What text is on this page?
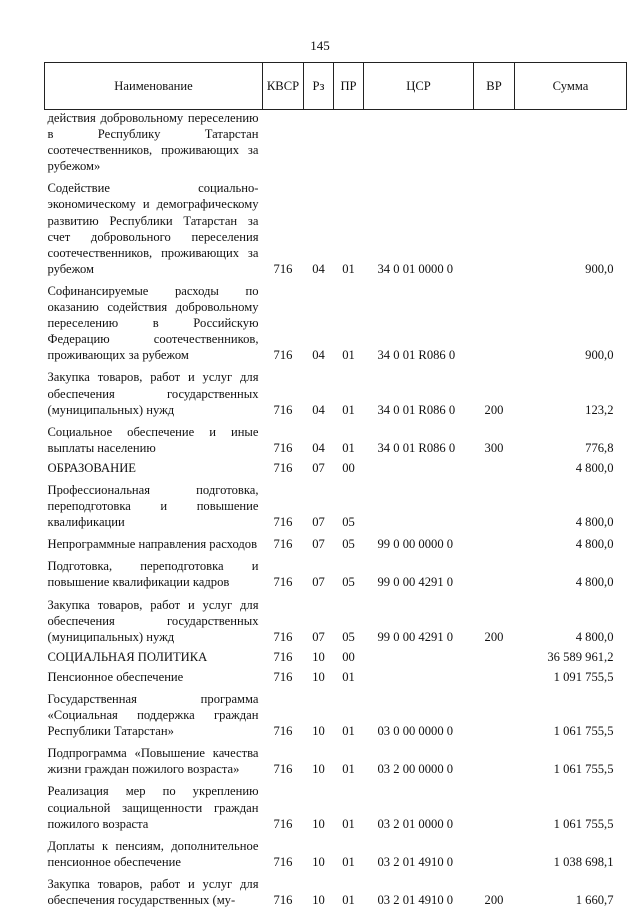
145
Наименование	КВСР	Рз	ПР	ЦСР	ВР	Сумма
действия добровольному переселению в Республику Татарстан соотечественников, проживающих за рубежом»						
Содействие социально-экономическому и демографическому развитию Республики Татарстан за счет добровольного переселения соотечественников, проживающих за рубежом	716	04	01	34 0 01 0000 0		900,0
Софинансируемые расходы по оказанию содействия добровольному переселению в Российскую Федерацию соотечественников, проживающих за рубежом	716	04	01	34 0 01 R086 0		900,0
Закупка товаров, работ и услуг для обеспечения государственных (муниципальных) нужд	716	04	01	34 0 01 R086 0	200	123,2
Социальное обеспечение и иные выплаты населению	716	04	01	34 0 01 R086 0	300	776,8
ОБРАЗОВАНИЕ	716	07	00			4 800,0
Профессиональная подготовка, переподготовка и повышение квалификации	716	07	05			4 800,0
Непрограммные направления расходов	716	07	05	99 0 00 0000 0		4 800,0
Подготовка, переподготовка и повышение квалификации кадров	716	07	05	99 0 00 4291 0		4 800,0
Закупка товаров, работ и услуг для обеспечения государственных (муниципальных) нужд	716	07	05	99 0 00 4291 0	200	4 800,0
СОЦИАЛЬНАЯ ПОЛИТИКА	716	10	00			36 589 961,2
Пенсионное обеспечение	716	10	01			1 091 755,5
Государственная программа «Социальная поддержка граждан Республики Татарстан»	716	10	01	03 0 00 0000 0		1 061 755,5
Подпрограмма «Повышение качества жизни граждан пожилого возраста»	716	10	01	03 2 00 0000 0		1 061 755,5
Реализация мер по укреплению социальной защищенности граждан пожилого возраста	716	10	01	03 2 01 0000 0		1 061 755,5
Доплаты к пенсиям, дополнительное пенсионное обеспечение	716	10	01	03 2 01 4910 0		1 038 698,1
Закупка товаров, работ и услуг для обеспечения государственных (му-	716	10	01	03 2 01 4910 0	200	1 660,7
